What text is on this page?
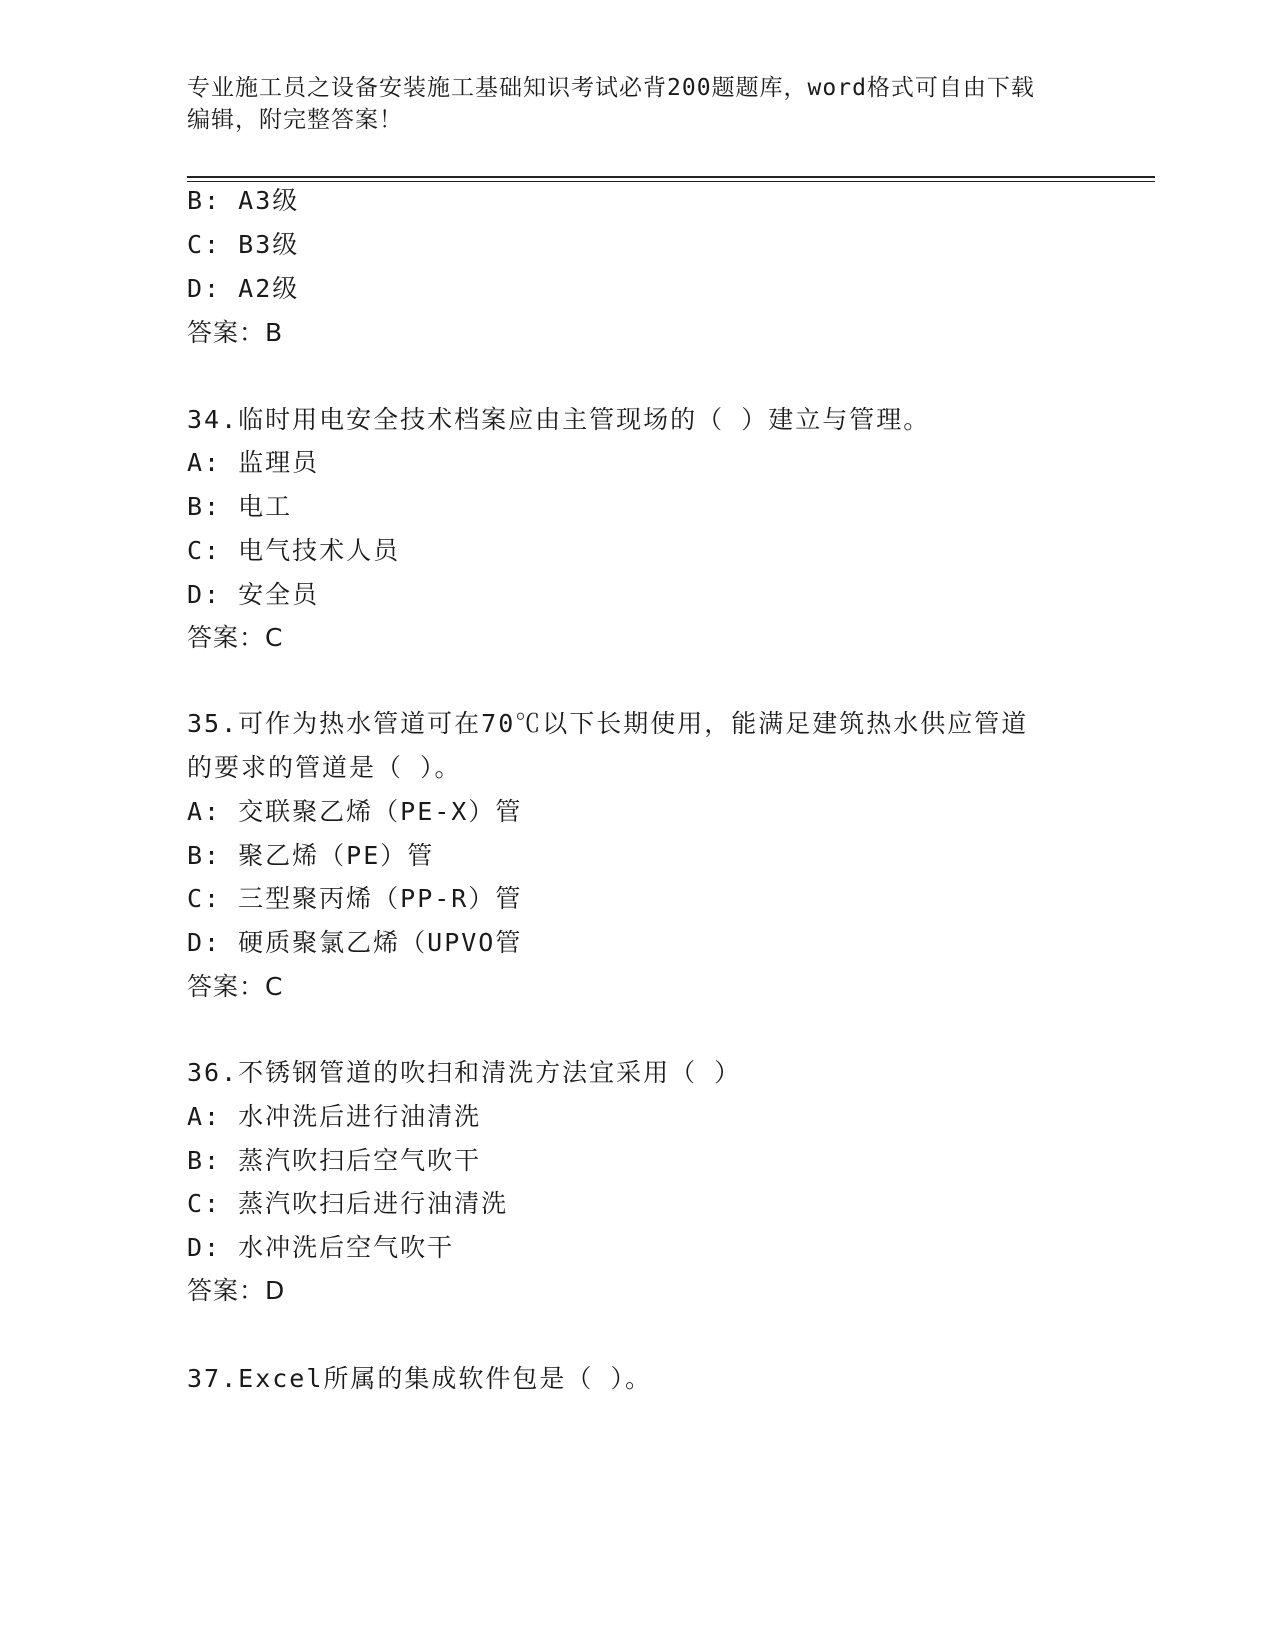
专业施工员之设备安装施工基础知识考试必背200题题库，word格式可自由下载
编辑，附完整答案！
B: A3级
C: B3级
D: A2级
答案：B
34.临时用电安全技术档案应由主管现场的（ ）建立与管理。
A: 监理员
B: 电工
C: 电气技术人员
D: 安全员
答案：C
35.可作为热水管道可在70℃以下长期使用，能满足建筑热水供应管道
的要求的管道是（ ）。
A: 交联聚乙烯（PE-X）管
B: 聚乙烯（PE）管
C: 三型聚丙烯（PP-R）管
D: 硬质聚氯乙烯（UPVO管
答案：C
36.不锈钢管道的吹扫和清洗方法宜采用（ ）
A: 水冲洗后进行油清洗
B: 蒸汽吹扫后空气吹干
C: 蒸汽吹扫后进行油清洗
D: 水冲洗后空气吹干
答案：D
37.Excel所属的集成软件包是（ ）。
